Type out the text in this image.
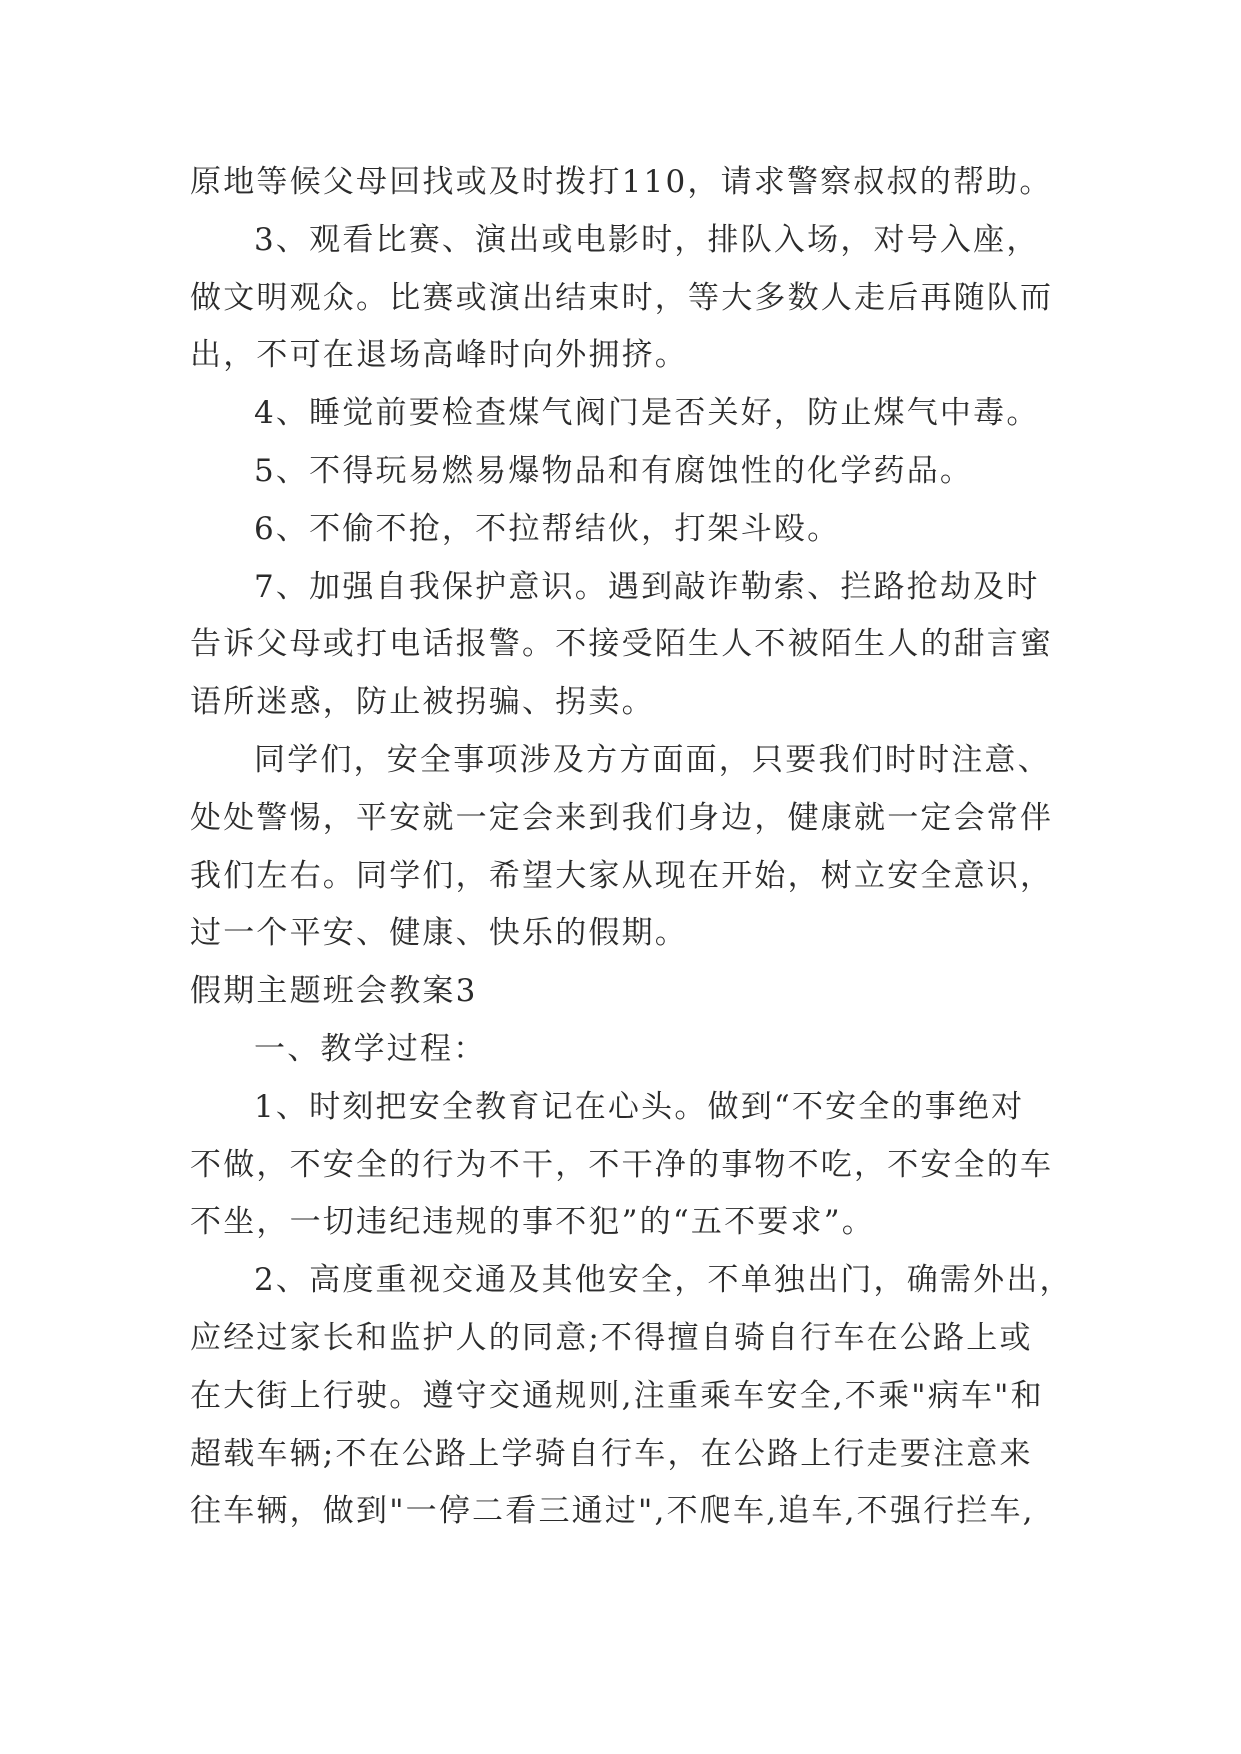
原地等候父母回找或及时拨打110，请求警察叔叔的帮助。
3、观看比赛、演出或电影时，排队入场，对号入座，
做文明观众。比赛或演出结束时，等大多数人走后再随队而
出，不可在退场高峰时向外拥挤。
4、睡觉前要检查煤气阀门是否关好，防止煤气中毒。
5、不得玩易燃易爆物品和有腐蚀性的化学药品。
6、不偷不抢，不拉帮结伙，打架斗殴。
7、加强自我保护意识。遇到敲诈勒索、拦路抢劫及时
告诉父母或打电话报警。不接受陌生人不被陌生人的甜言蜜
语所迷惑，防止被拐骗、拐卖。
同学们，安全事项涉及方方面面，只要我们时时注意、
处处警惕，平安就一定会来到我们身边，健康就一定会常伴
我们左右。同学们，希望大家从现在开始，树立安全意识，
过一个平安、健康、快乐的假期。
假期主题班会教案3
一、教学过程：
1、时刻把安全教育记在心头。做到“不安全的事绝对
不做，不安全的行为不干，不干净的事物不吃，不安全的车
不坐，一切违纪违规的事不犯”的“五不要求”。
2、高度重视交通及其他安全，不单独出门，确需外出，
应经过家长和监护人的同意;不得擅自骑自行车在公路上或
在大街上行驶。遵守交通规则,注重乘车安全,不乘"病车"和
超载车辆;不在公路上学骑自行车，在公路上行走要注意来
往车辆，做到"一停二看三通过",不爬车,追车,不强行拦车,
